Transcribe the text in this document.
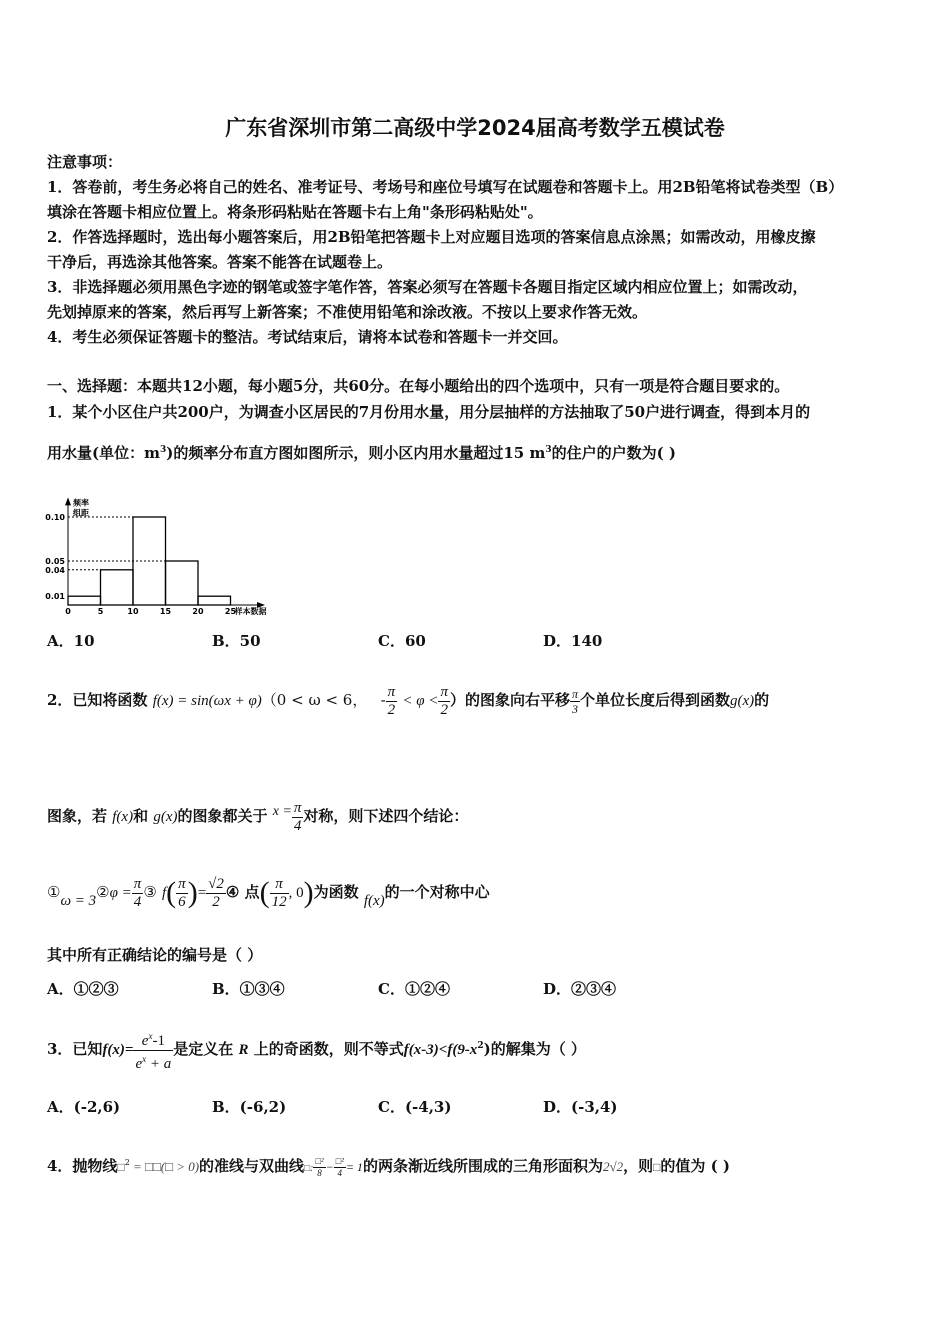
广东省深圳市第二高级中学2024届高考数学五模试卷
注意事项：
1．答卷前，考生务必将自己的姓名、准考证号、考场号和座位号填写在试题卷和答题卡上。用2B铅笔将试卷类型（B）
填涂在答题卡相应位置上。将条形码粘贴在答题卡右上角"条形码粘贴处"。
2．作答选择题时，选出每小题答案后，用2B铅笔把答题卡上对应题目选项的答案信息点涂黑；如需改动，用橡皮擦
干净后，再选涂其他答案。答案不能答在试题卷上。
3．非选择题必须用黑色字迹的钢笔或签字笔作答，答案必须写在答题卡各题目指定区域内相应位置上；如需改动，
先划掉原来的答案，然后再写上新答案；不准使用铅笔和涂改液。不按以上要求作答无效。
4．考生必须保证答题卡的整洁。考试结束后，请将本试卷和答题卡一并交回。
一、选择题：本题共12小题，每小题5分，共60分。在每小题给出的四个选项中，只有一项是符合题目要求的。
1．某个小区住户共200户，为调查小区居民的7月份用水量，用分层抽样的方法抽取了50户进行调查，得到本月的
用水量(单位：$m^3$)的频率分布直方图如图所示，则小区内用水量超过15 $m^3$的住户的户数为( )
0.01
0.04
0.05
0.10
0	5	10	15	20	25
样本数据
频率
组距
A．10	B．50	C．60	D．140
2．已知将函数 f(x) = sin(ωx + φ)（0 < ω < 6， - $\frac{\pi}{2} < \varphi < \frac{\pi}{2}$ ）的图象向右平移 $\frac{\pi}{3}$ 个单位长度后得到函数g(x)的
图象，若 f(x)和 g(x)的图象都关于 $x = \frac{\pi}{4}$ 对称，则下述四个结论：
①ω = 3②φ = $\frac{\pi}{4}$ ③ $f( \frac{\pi}{6}$ )= $\frac{√2}{2}$ ④ 点( $\frac{\pi}{12}$ , 0)为函数 f(x)的一个对称中心
其中所有正确结论的编号是（ ）
A．①②③	B．①③④	C．①②④	D．②③④
3．已知$f(x)= \frac{e^x-1}{e^x + a}$ 是定义在 R 上的奇函数，则不等式$f(x-3)<f(9-x^2)$的解集为（ ）
A．(-2,6)	B．(-6,2)	C．(-4,3)	D．(-3,4)
4．抛物线□$^2$ = □□(□ > 0)的准线与双曲线□: $\frac{\text{□²}}{8} - \frac{\text{□²}}{4} = 1$的两条渐近线所围成的三角形面积为2√2，则□的值为 ( )
